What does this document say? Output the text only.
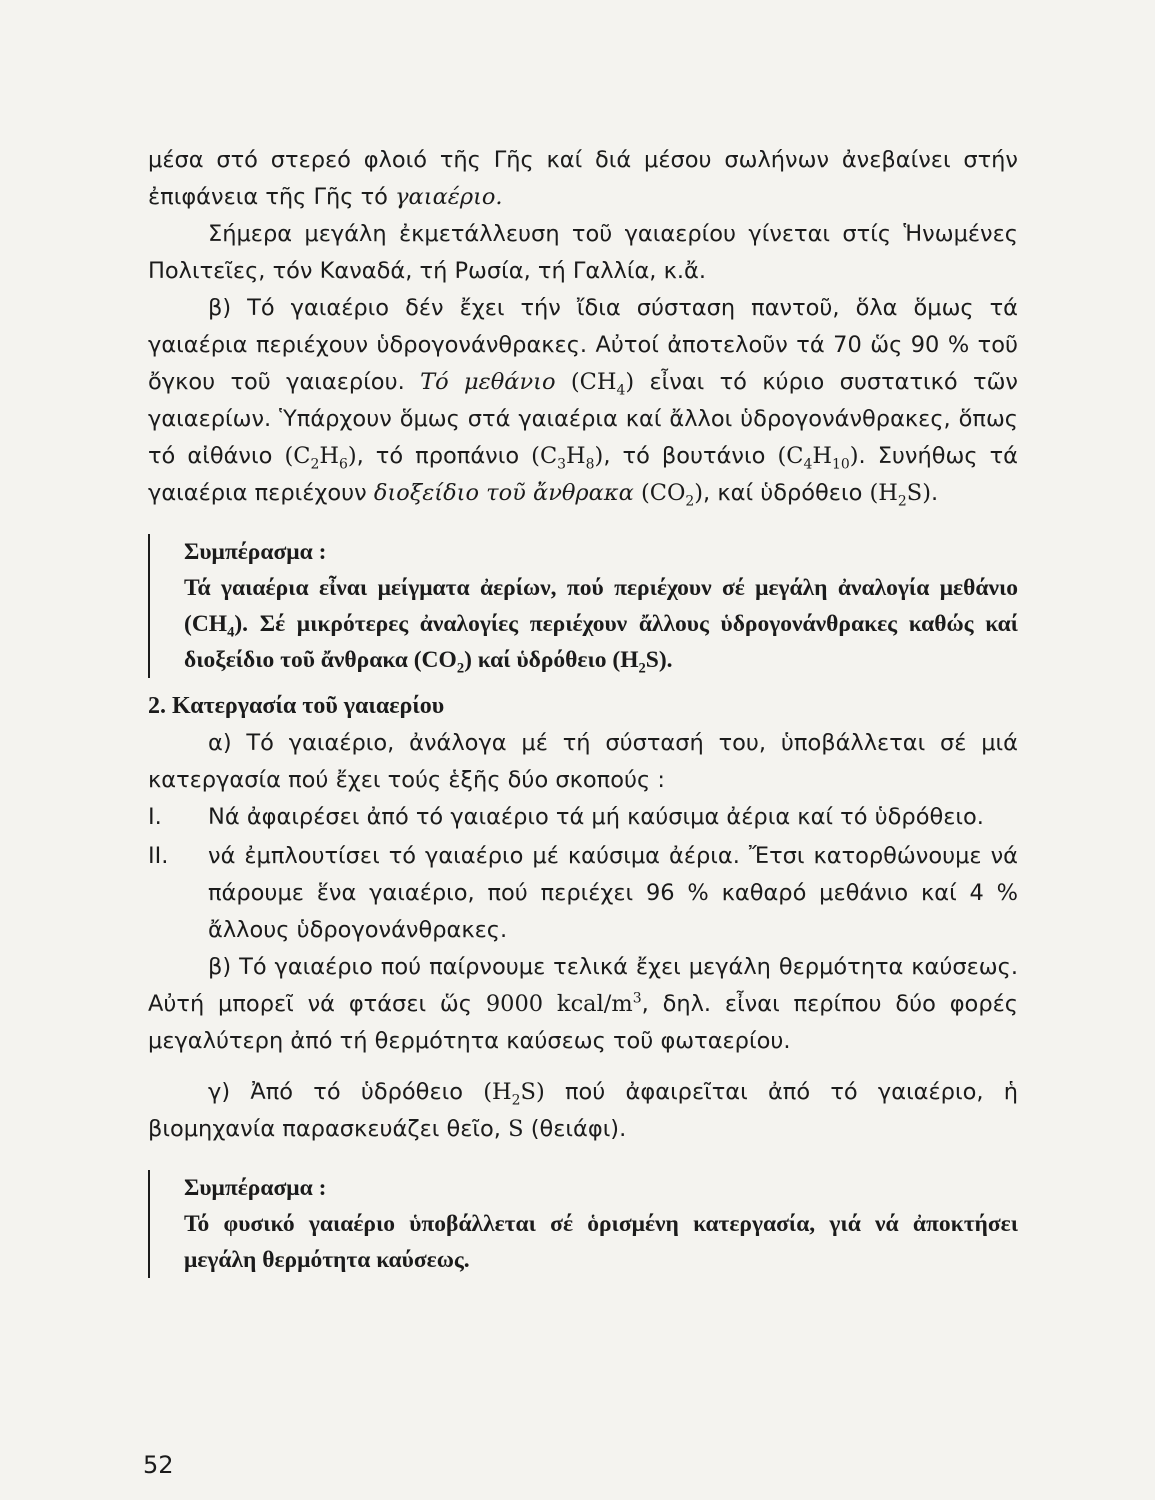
μέσα στό στερεό φλοιό τῆς Γῆς καί διά μέσου σωλήνων ἀνεβαίνει στήν ἐπιφάνεια τῆς Γῆς τό γαιαέριο.

Σήμερα μεγάλη ἐκμετάλλευση τοῦ γαιαερίου γίνεται στίς Ἡνωμένες Πολιτεῖες, τόν Καναδά, τή Ρωσία, τή Γαλλία, κ.ἄ.

β) Τό γαιαέριο δέν ἔχει τήν ἴδια σύσταση παντοῦ, ὅλα ὅμως τά γαιαέρια περιέχουν ὑδρογονάνθρακες. Αὐτοί ἀποτελοῦν τά 70 ὥς 90 % τοῦ ὄγκου τοῦ γαιαερίου. Τό μεθάνιο $(CH_4)$ εἶναι τό κύριο συστατικό τῶν γαιαερίων. Ὑπάρχουν ὅμως στά γαιαέρια καί ἄλλοι ὑδρογονάνθρακες, ὅπως τό αἰθάνιο $(C_2H_6)$, τό προπάνιο $(C_3H_8)$, τό βουτάνιο $(C_4H_{10})$. Συνήθως τά γαιαέρια περιέχουν διοξείδιο τοῦ ἄνθρακα $(CO_2)$, καί ὑδρόθειο $(H_2S)$.

Συμπέρασμα :
Τά γαιαέρια εἶναι μείγματα ἀερίων, πού περιέχουν σέ μεγάλη ἀναλογία μεθάνιο $(CH_4)$. Σέ μικρότερες ἀναλογίες περιέχουν ἄλλους ὑδρογονάνθρακες καθώς καί διοξείδιο τοῦ ἄνθρακα $(CO_2)$ καί ὑδρόθειο $(H_2S)$.
2. Κατεργασία τοῦ γαιαερίου

α) Τό γαιαέριο, ἀνάλογα μέ τή σύστασή του, ὑποβάλλεται σέ μιά κατεργασία πού ἔχει τούς ἑξῆς δύο σκοπούς :

I.	Νά ἀφαιρέσει ἀπό τό γαιαέριο τά μή καύσιμα ἀέρια καί τό ὑδρόθειο.
II.	νά ἐμπλουτίσει τό γαιαέριο μέ καύσιμα ἀέρια. Ἔτσι κατορθώνουμε νά πάρουμε ἕνα γαιαέριο, πού περιέχει 96 % καθαρό μεθάνιο καί 4 % ἄλλους ὑδρογονάνθρακες.

β) Τό γαιαέριο πού παίρνουμε τελικά ἔχει μεγάλη θερμότητα καύσεως. Αὐτή μπορεῖ νά φτάσει ὥς 9000 kcal/$m^3$, δηλ. εἶναι περίπου δύο φορές μεγαλύτερη ἀπό τή θερμότητα καύσεως τοῦ φωταερίου.

γ) Ἀπό τό ὑδρόθειο $(H_2S)$ πού ἀφαιρεῖται ἀπό τό γαιαέριο, ἡ βιομηχανία παρασκευάζει θεῖο, S (θειάφι).

Συμπέρασμα :
Τό φυσικό γαιαέριο ὑποβάλλεται σέ ὁρισμένη κατεργασία, γιά νά ἀποκτήσει μεγάλη θερμότητα καύσεως.
52
